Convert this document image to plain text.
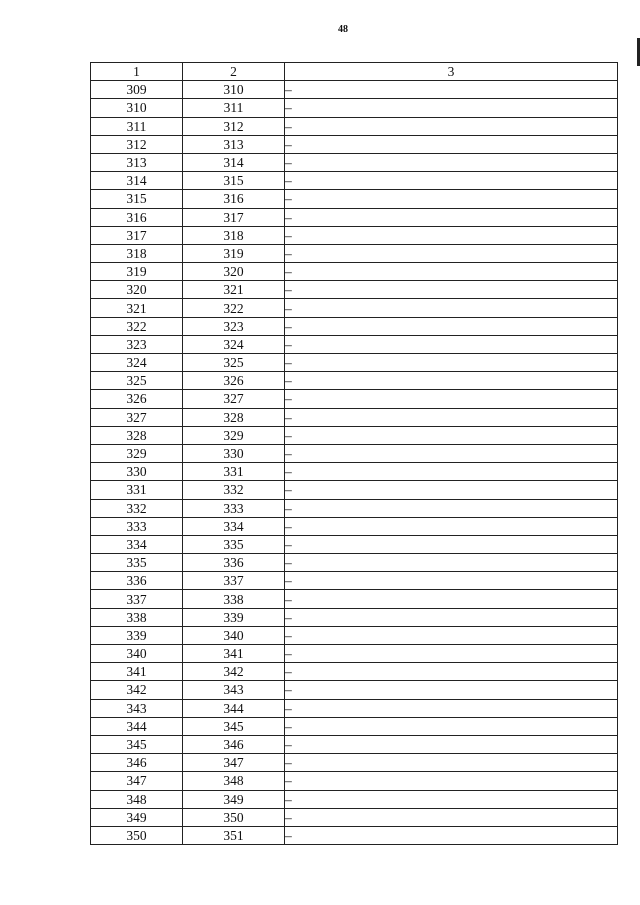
48
1	2	3
309	310	–
310	311	–
311	312	–
312	313	–
313	314	–
314	315	–
315	316	–
316	317	–
317	318	–
318	319	–
319	320	–
320	321	–
321	322	–
322	323	–
323	324	–
324	325	–
325	326	–
326	327	–
327	328	–
328	329	–
329	330	–
330	331	–
331	332	–
332	333	–
333	334	–
334	335	–
335	336	–
336	337	–
337	338	–
338	339	–
339	340	–
340	341	–
341	342	–
342	343	–
343	344	–
344	345	–
345	346	–
346	347	–
347	348	–
348	349	–
349	350	–
350	351	–
